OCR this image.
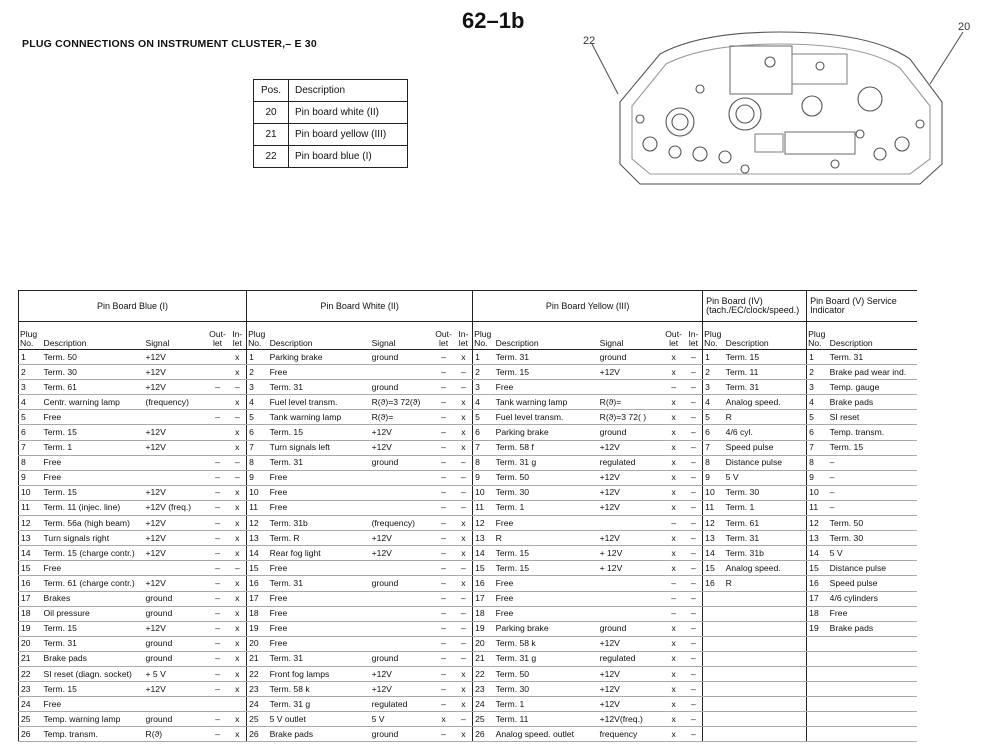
62–1b
PLUG CONNECTIONS ON INSTRUMENT CLUSTER,– E 30
Pos.	Description
20	Pin board white (II)
21	Pin board yellow (III)
22	Pin board blue (I)
22
20
Pin Board Blue (I)					Pin Board White (II)					Pin Board Yellow (III)					Pin Board (IV) (tach./EC/clock/speed.)		Pin Board (V) Service Indicator	
Plug No.	Description	Signal	Out-let	In-let	Plug No.	Description	Signal	Out-let	In-let	Plug No.	Description	Signal	Out-let	In-let	Plug No.	Description	Plug No.	Description
1	Term. 50	+12V		x	1	Parking brake	ground	–	x	1	Term. 31	ground	x	–	1	Term. 15	1	Term. 31
2	Term. 30	+12V		x	2	Free		–	–	2	Term. 15	+12V	x	–	2	Term. 11	2	Brake pad wear ind.
3	Term. 61	+12V	–	–	3	Term. 31	ground	–	–	3	Free		–	–	3	Term. 31	3	Temp. gauge
4	Centr. warning lamp	(frequency)		x	4	Fuel level transm.	R(ϑ)=3 72(ϑ)	–	x	4	Tank warning lamp	R(ϑ)=	x	–	4	Analog speed.	4	Brake pads
5	Free		–	–	5	Tank warning lamp	R(ϑ)=	–	x	5	Fuel level transm.	R(ϑ)=3 72( )	x	–	5	R	5	SI reset
6	Term. 15	+12V		x	6	Term. 15	+12V	–	x	6	Parking brake	ground	x	–	6	4/6 cyl.	6	Temp. transm.
7	Term. 1	+12V		x	7	Turn signals left	+12V	–	x	7	Term. 58 f	+12V	x	–	7	Speed pulse	7	Term. 15
8	Free		–	–	8	Term. 31	ground	–	–	8	Term. 31 g	regulated	x	–	8	Distance pulse	8	–
9	Free		–	–	9	Free		–	–	9	Term. 50	+12V	x	–	9	5 V	9	–
10	Term. 15	+12V	–	x	10	Free		–	–	10	Term. 30	+12V	x	–	10	Term. 30	10	–
11	Term. 11 (injec. line)	+12V (freq.)	–	x	11	Free		–	–	11	Term. 1	+12V	x	–	11	Term. 1	11	–
12	Term. 56a (high beam)	+12V	–	x	12	Term. 31b	(frequency)	–	x	12	Free		–	–	12	Term. 61	12	Term. 50
13	Turn signals right	+12V	–	x	13	Term. R	+12V	–	x	13	R	+12V	x	–	13	Term. 31	13	Term. 30
14	Term. 15 (charge contr.)	+12V	–	x	14	Rear fog light	+12V	–	x	14	Term. 15	+ 12V	x	–	14	Term. 31b	14	5 V
15	Free		–	–	15	Free		–	–	15	Term. 15	+ 12V	x	–	15	Analog speed.	15	Distance pulse
16	Term. 61 (charge contr.)	+12V	–	x	16	Term. 31	ground	–	x	16	Free		–	–	16	R	16	Speed pulse
17	Brakes	ground	–	x	17	Free		–	–	17	Free		–	–			17	4/6 cylinders
18	Oil pressure	ground	–	x	18	Free		–	–	18	Free		–	–			18	Free
19	Term. 15	+12V	–	x	19	Free		–	–	19	Parking brake	ground	x	–			19	Brake pads
20	Term. 31	ground	–	x	20	Free		–	–	20	Term. 58 k	+12V	x	–				
21	Brake pads	ground	–	x	21	Term. 31	ground	–	–	21	Term. 31 g	regulated	x	–				
22	SI reset (diagn. socket)	+ 5 V	–	x	22	Front fog lamps	+12V	–	x	22	Term. 50	+12V	x	–				
23	Term. 15	+12V	–	x	23	Term. 58 k	+12V	–	x	23	Term. 30	+12V	x	–				
24	Free				24	Term. 31 g	regulated	–	x	24	Term. 1	+12V	x	–				
25	Temp. warning lamp	ground	–	x	25	5 V outlet	5 V	x	–	25	Term. 11	+12V(freq.)	x	–				
26	Temp. transm.	R(ϑ)	–	x	26	Brake pads	ground	–	x	26	Analog speed. outlet	frequency	x	–				
